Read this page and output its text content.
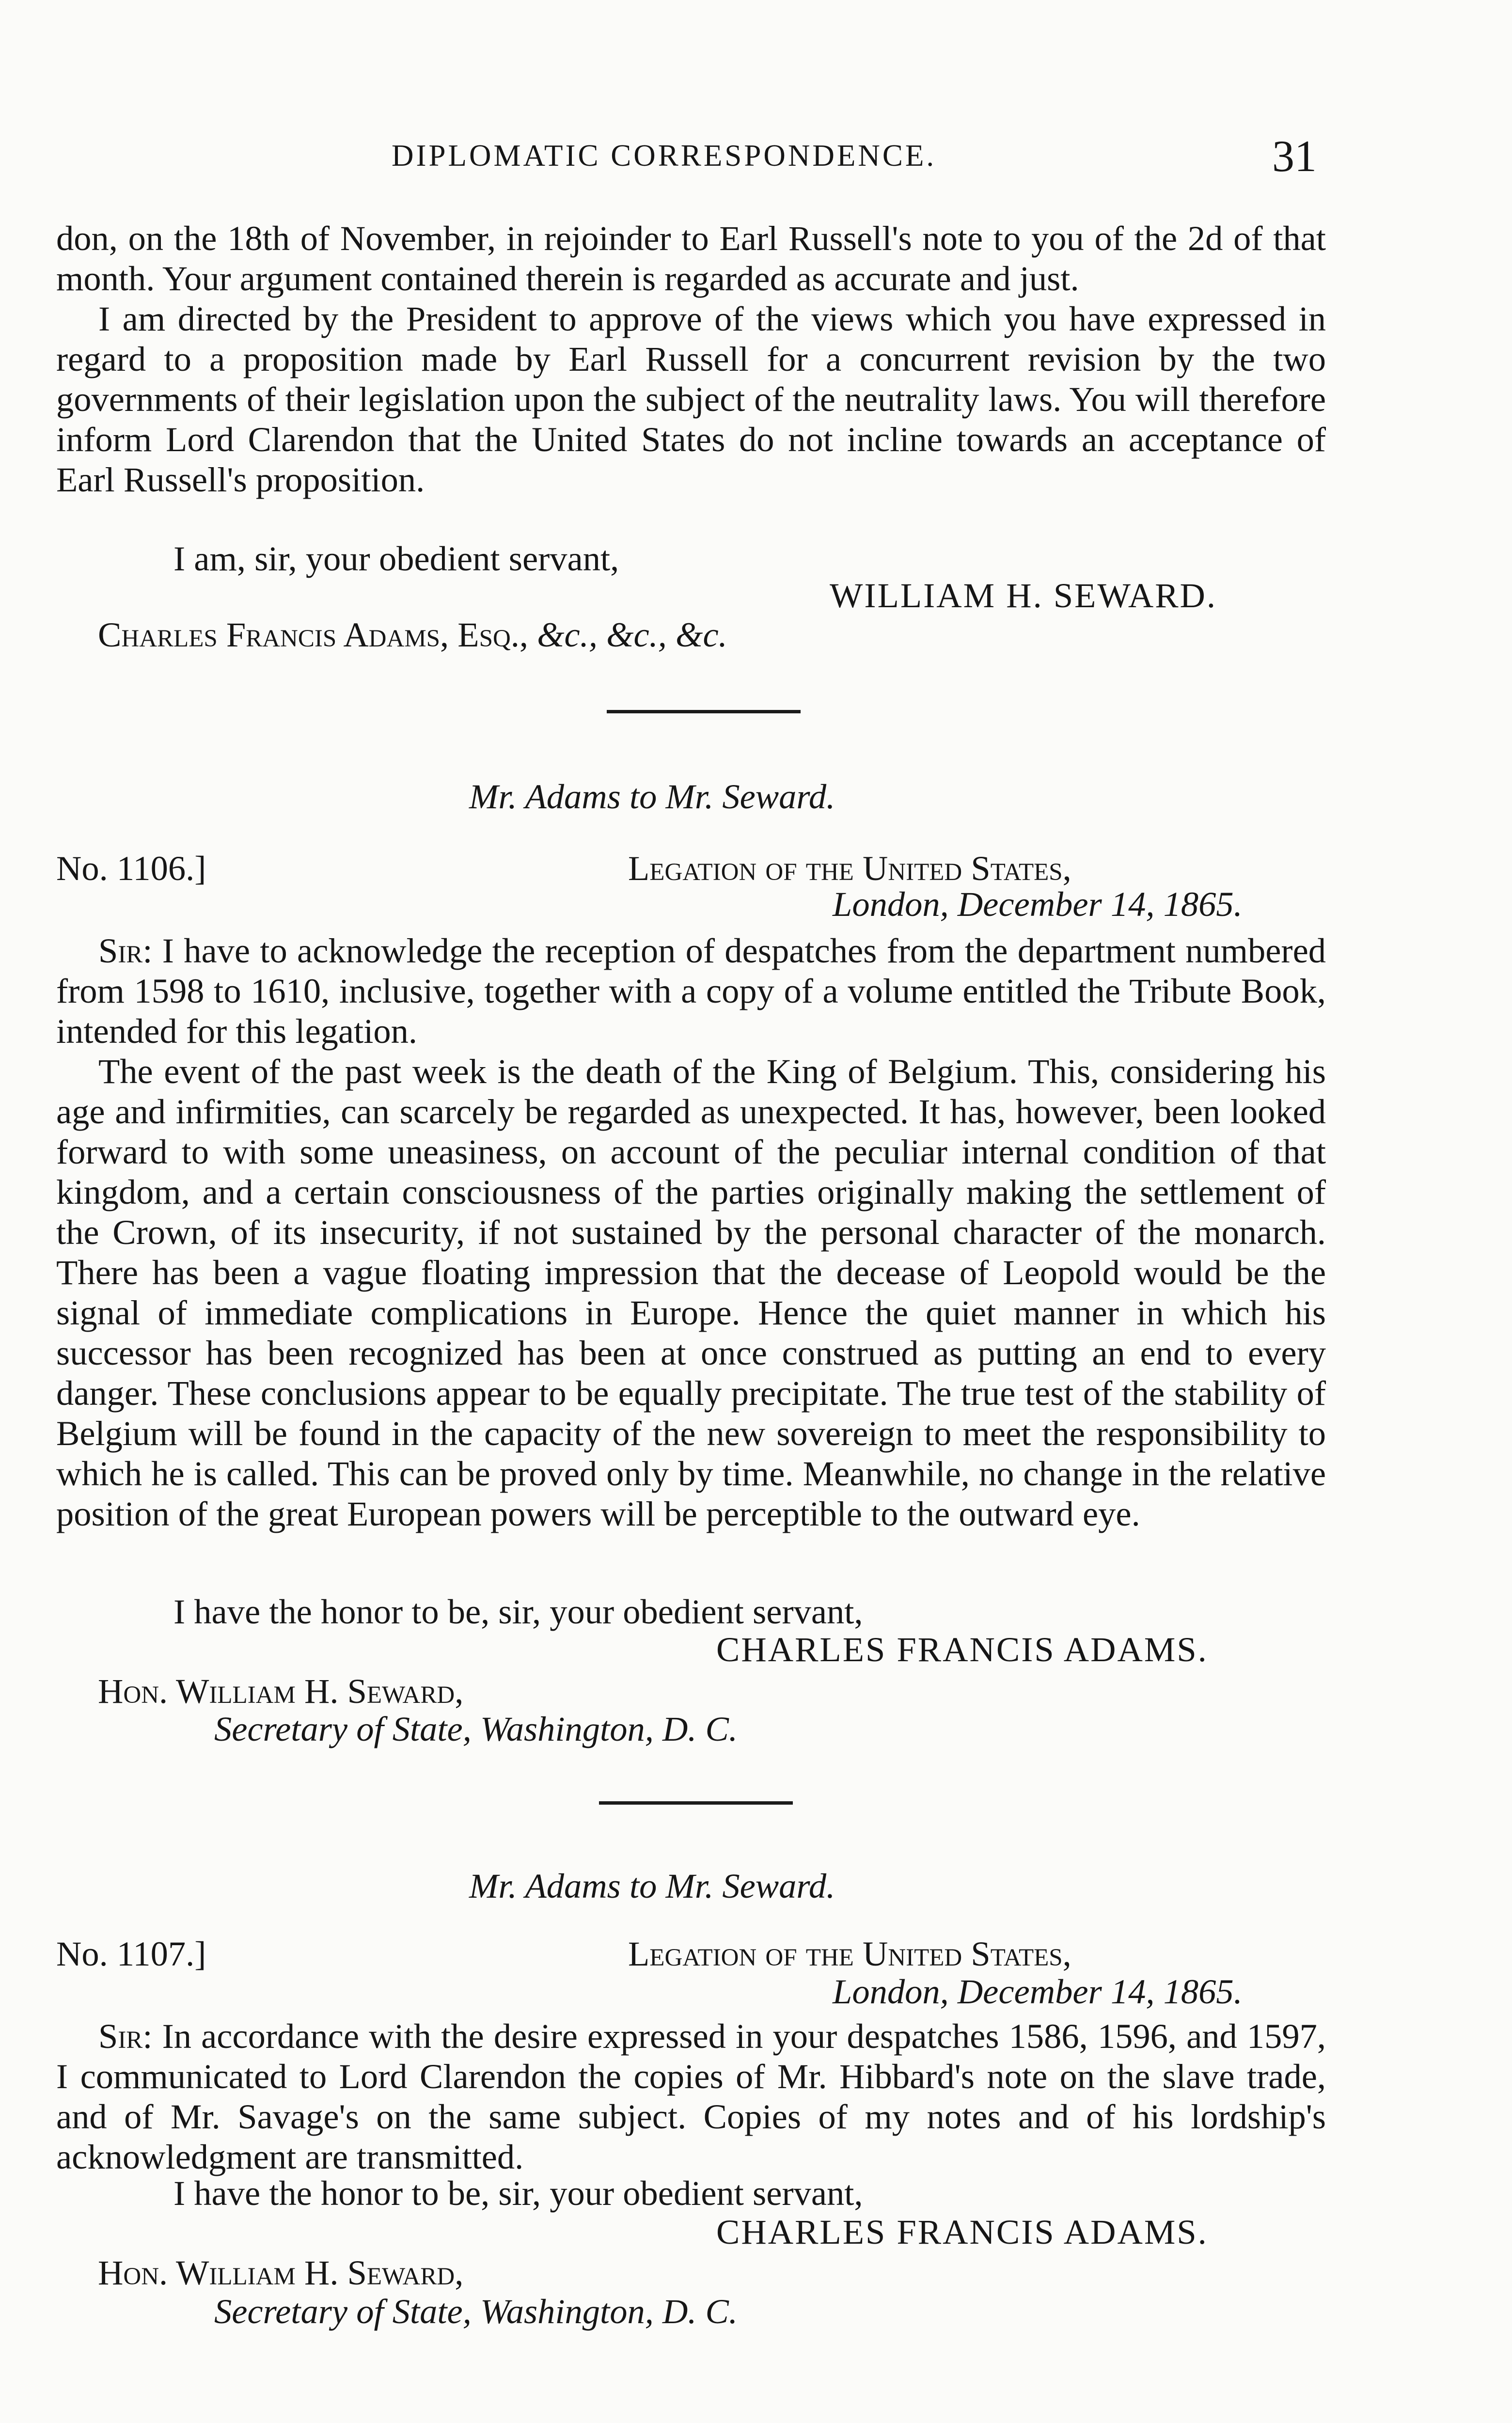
DIPLOMATIC CORRESPONDENCE.	31

don, on the 18th of November, in rejoinder to Earl Russell's note to you of the 2d of that month. Your argument contained therein is regarded as accurate and just.

I am directed by the President to approve of the views which you have expressed in regard to a proposition made by Earl Russell for a concurrent revision by the two governments of their legislation upon the subject of the neutrality laws. You will therefore inform Lord Clarendon that the United States do not incline towards an acceptance of Earl Russell's proposition.

I am, sir, your obedient servant,
WILLIAM H. SEWARD.
Charles Francis Adams, Esq., &c., &c., &c.
Mr. Adams to Mr. Seward.
No. 1106.]	Legation of the United States,
London, December 14, 1865.

Sir: I have to acknowledge the reception of despatches from the department numbered from 1598 to 1610, inclusive, together with a copy of a volume entitled the Tribute Book, intended for this legation.

The event of the past week is the death of the King of Belgium. This, considering his age and infirmities, can scarcely be regarded as unexpected. It has, however, been looked forward to with some uneasiness, on account of the peculiar internal condition of that kingdom, and a certain consciousness of the parties originally making the settlement of the Crown, of its insecurity, if not sustained by the personal character of the monarch. There has been a vague floating impression that the decease of Leopold would be the signal of immediate complications in Europe. Hence the quiet manner in which his successor has been recognized has been at once construed as putting an end to every danger. These conclusions appear to be equally precipitate. The true test of the stability of Belgium will be found in the capacity of the new sovereign to meet the responsibility to which he is called. This can be proved only by time. Meanwhile, no change in the relative position of the great European powers will be perceptible to the outward eye.

I have the honor to be, sir, your obedient servant,
CHARLES FRANCIS ADAMS.
Hon. William H. Seward,
Secretary of State, Washington, D. C.
Mr. Adams to Mr. Seward.
No. 1107.]	Legation of the United States,
London, December 14, 1865.

Sir: In accordance with the desire expressed in your despatches 1586, 1596, and 1597, I communicated to Lord Clarendon the copies of Mr. Hibbard's note on the slave trade, and of Mr. Savage's on the same subject. Copies of my notes and of his lordship's acknowledgment are transmitted.

I have the honor to be, sir, your obedient servant,
CHARLES FRANCIS ADAMS.
Hon. William H. Seward,
Secretary of State, Washington, D. C.
